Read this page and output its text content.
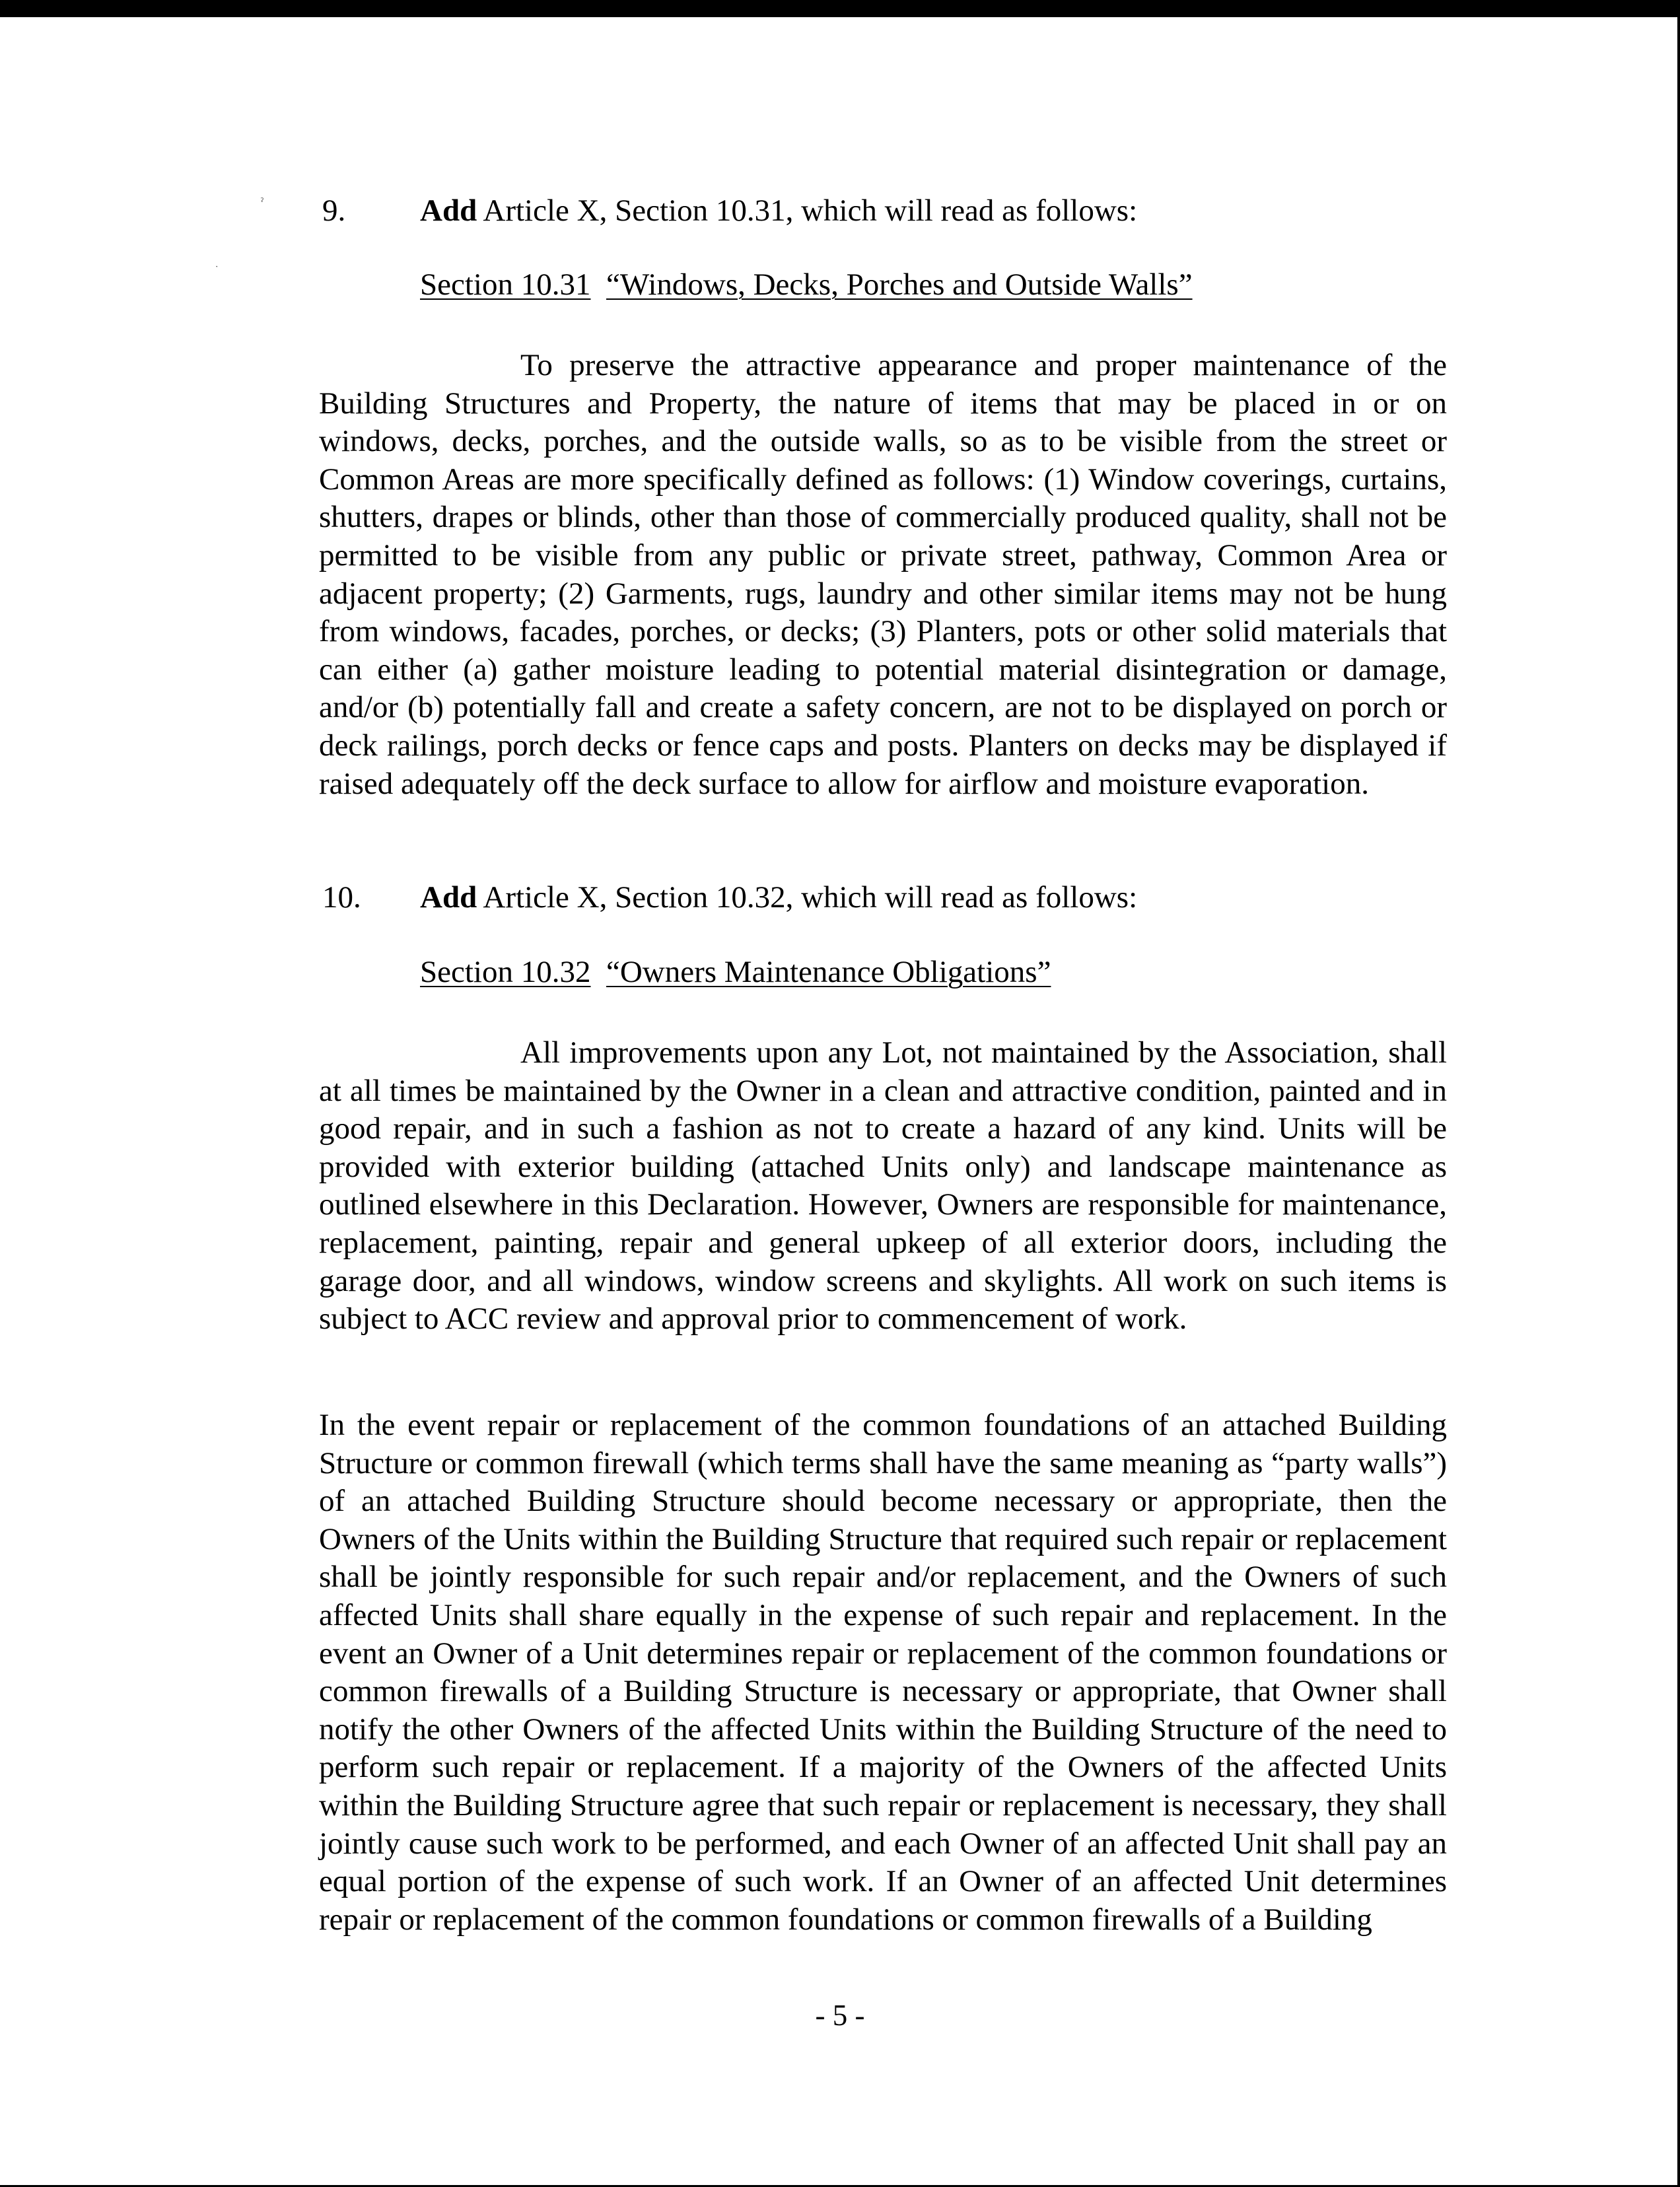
ˀ
ˑ
9. Add Article X, Section 10.31, which will read as follows:
Section 10.31 “Windows, Decks, Porches and Outside Walls”

To preserve the attractive appearance and proper maintenance of the Building Structures and Property, the nature of items that may be placed in or on windows, decks, porches, and the outside walls, so as to be visible from the street or Common Areas are more specifically defined as follows: (1) Window coverings, curtains, shutters, drapes or blinds, other than those of commercially produced quality, shall not be permitted to be visible from any public or private street, pathway, Common Area or adjacent property; (2) Garments, rugs, laundry and other similar items may not be hung from windows, facades, porches, or decks; (3) Planters, pots or other solid materials that can either (a) gather moisture leading to potential material disintegration or damage, and/or (b) potentially fall and create a safety concern, are not to be displayed on porch or deck railings, porch decks or fence caps and posts. Planters on decks may be displayed if raised adequately off the deck surface to allow for airflow and moisture evaporation.

10. Add Article X, Section 10.32, which will read as follows:
Section 10.32 “Owners Maintenance Obligations”

All improvements upon any Lot, not maintained by the Association, shall at all times be maintained by the Owner in a clean and attractive condition, painted and in good repair, and in such a fashion as not to create a hazard of any kind. Units will be provided with exterior building (attached Units only) and landscape maintenance as outlined elsewhere in this Declaration. However, Owners are responsible for maintenance, replacement, painting, repair and general upkeep of all exterior doors, including the garage door, and all windows, window screens and skylights. All work on such items is subject to ACC review and approval prior to commencement of work.

In the event repair or replacement of the common foundations of an attached Building Structure or common firewall (which terms shall have the same meaning as “party walls”) of an attached Building Structure should become necessary or appropriate, then the Owners of the Units within the Building Structure that required such repair or replacement shall be jointly responsible for such repair and/or replacement, and the Owners of such affected Units shall share equally in the expense of such repair and replacement. In the event an Owner of a Unit determines repair or replacement of the common foundations or common firewalls of a Building Structure is necessary or appropriate, that Owner shall notify the other Owners of the affected Units within the Building Structure of the need to perform such repair or replacement. If a majority of the Owners of the affected Units within the Building Structure agree that such repair or replacement is necessary, they shall jointly cause such work to be performed, and each Owner of an affected Unit shall pay an equal portion of the expense of such work. If an Owner of an affected Unit determines repair or replacement of the common foundations or common firewalls of a Building

- 5 -
